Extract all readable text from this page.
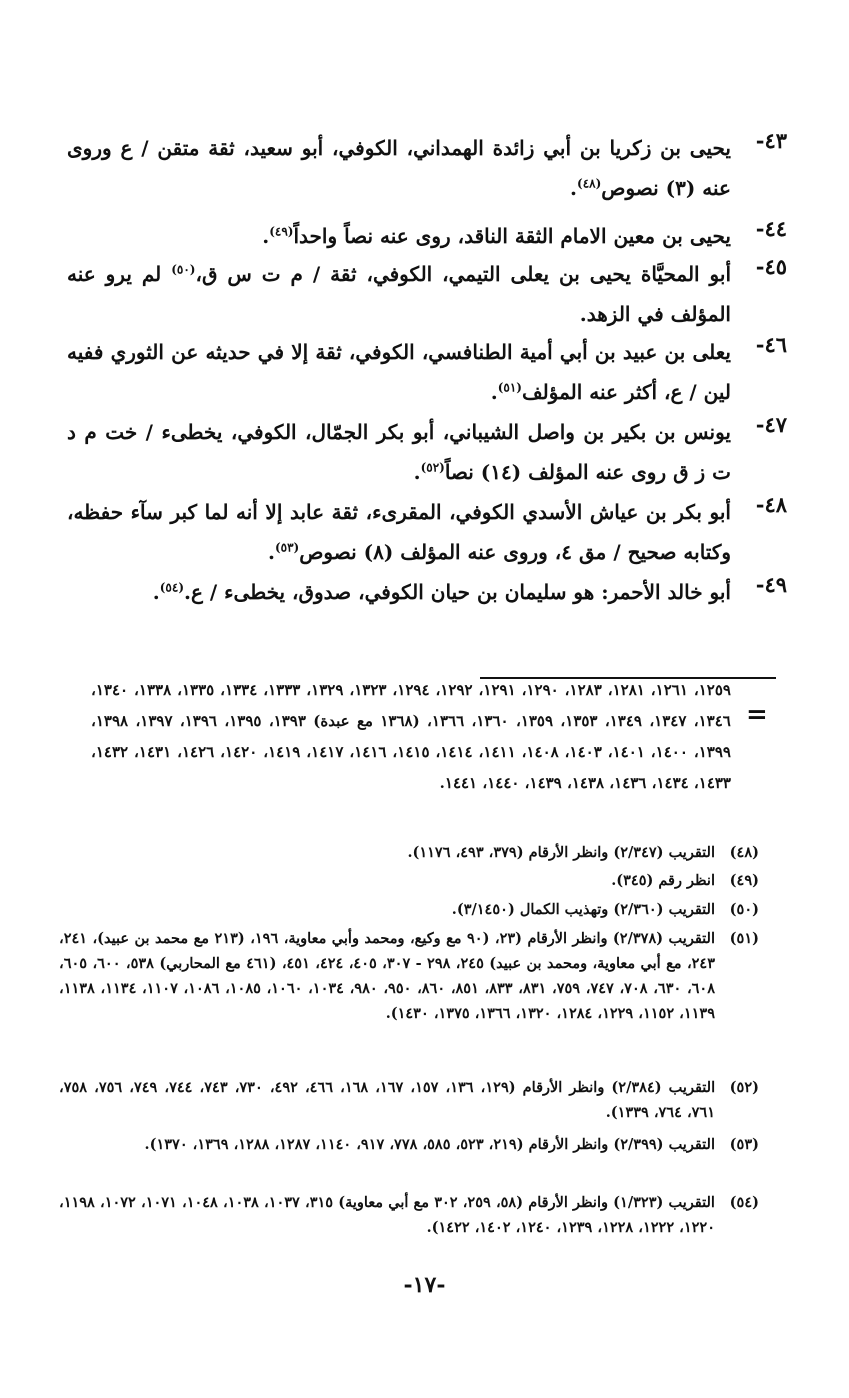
٤٣-
يحيى بن زكريا بن أبي زائدة الهمداني، الكوفي، أبو سعيد، ثقة متقن / ع وروى عنه (٣) نصوص$^{(٤٨)}$.
٤٤-
يحيى بن معين الامام الثقة الناقد، روى عنه نصاً واحداً$^{(٤٩)}$.
٤٥-
أبو المحيَّاة يحيى بن يعلى التيمي، الكوفي، ثقة / م ت س ق،$^{(٥٠)}$ لم يرو عنه المؤلف في الزهد.
٤٦-
يعلى بن عبيد بن أبي أمية الطنافسي، الكوفي، ثقة إلا في حديثه عن الثوري ففيه لين / ع، أكثر عنه المؤلف$^{(٥١)}$.
٤٧-
يونس بن بكير بن واصل الشيباني، أبو بكر الجمّال، الكوفي، يخطىء / خت م د ت ز ق روى عنه المؤلف (١٤) نصاً$^{(٥٢)}$.
٤٨-
أبو بكر بن عياش الأسدي الكوفي، المقرىء، ثقة عابد إلا أنه لما كبر سآء حفظه، وكتابه صحيح / مق ٤، وروى عنه المؤلف (٨) نصوص$^{(٥٣)}$.
٤٩-
أبو خالد الأحمر: هو سليمان بن حيان الكوفي، صدوق، يخطىء / ع.$^{(٥٤)}$.
=
١٢٥٩، ١٢٦١، ١٢٨١، ١٢٨٣، ١٢٩٠، ١٢٩١، ١٢٩٢، ١٢٩٤، ١٣٢٣، ١٣٢٩، ١٣٣٣، ١٣٣٤، ١٣٣٥، ١٣٣٨، ١٣٤٠، ١٣٤٦، ١٣٤٧، ١٣٤٩، ١٣٥٣، ١٣٥٩، ١٣٦٠، ١٣٦٦، (١٣٦٨ مع عبدة) ١٣٩٣، ١٣٩٥، ١٣٩٦، ١٣٩٧، ١٣٩٨، ١٣٩٩، ١٤٠٠، ١٤٠١، ١٤٠٣، ١٤٠٨، ١٤١١، ١٤١٤، ١٤١٥، ١٤١٦، ١٤١٧، ١٤١٩، ١٤٢٠، ١٤٢٦، ١٤٣١، ١٤٣٢، ١٤٣٣، ١٤٣٤، ١٤٣٦، ١٤٣٨، ١٤٣٩، ١٤٤٠، ١٤٤١.
(٤٨)
التقريب (٢/٣٤٧) وانظر الأرقام (٣٧٩، ٤٩٣، ١١٧٦).
(٤٩)
انظر رقم (٣٤٥).
(٥٠)
التقريب (٢/٣٦٠) وتهذيب الكمال (٣/١٤٥٠).
(٥١)
التقريب (٢/٣٧٨) وانظر الأرقام (٢٣، (٩٠ مع وكيع، ومحمد وأبي معاوية، ١٩٦، (٢١٣ مع محمد بن عبيد)، ٢٤١، ٢٤٣، مع أبي معاوية، ومحمد بن عبيد) ٢٤٥، ٢٩٨ - ٣٠٧، ٤٠٥، ٤٢٤، ٤٥١، (٤٦١ مع المحاربي) ٥٣٨، ٦٠٠، ٦٠٥، ٦٠٨، ٦٣٠، ٧٠٨، ٧٤٧، ٧٥٩، ٨٣١، ٨٣٣، ٨٥١، ٨٦٠، ٩٥٠، ٩٨٠، ١٠٣٤، ١٠٦٠، ١٠٨٥، ١٠٨٦، ١١٠٧، ١١٣٤، ١١٣٨، ١١٣٩، ١١٥٢، ١٢٢٩، ١٢٨٤، ١٣٢٠، ١٣٦٦، ١٣٧٥، ١٤٣٠).
(٥٢)
التقريب (٢/٣٨٤) وانظر الأرقام (١٢٩، ١٣٦، ١٥٧، ١٦٧، ١٦٨، ٤٦٦، ٤٩٢، ٧٣٠، ٧٤٣، ٧٤٤، ٧٤٩، ٧٥٦، ٧٥٨، ٧٦١، ٧٦٤، ١٣٣٩).
(٥٣)
التقريب (٢/٣٩٩) وانظر الأرقام (٢١٩، ٥٢٣، ٥٨٥، ٧٧٨، ٩١٧، ١١٤٠، ١٢٨٧، ١٢٨٨، ١٣٦٩، ١٣٧٠).
(٥٤)
التقريب (١/٣٢٣) وانظر الأرقام (٥٨، ٢٥٩، ٣٠٢ مع أبي معاوية) ٣١٥، ١٠٣٧، ١٠٣٨، ١٠٤٨، ١٠٧١، ١٠٧٢، ١١٩٨، ١٢٢٠، ١٢٢٢، ١٢٢٨، ١٢٣٩، ١٢٤٠، ١٤٠٢، ١٤٢٢).
-١٧-
